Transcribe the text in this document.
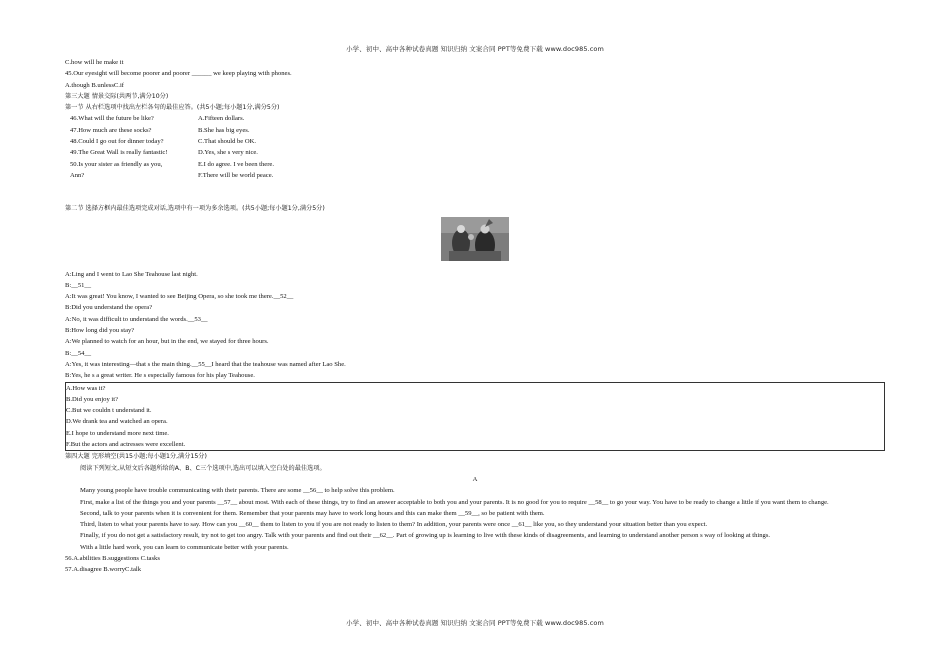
小学、初中、高中各种试卷真题 知识归纳 文案合同 PPT等免费下载 www.doc985.com
C.how will he make it
45.Our eyesight will become poorer and poorer ______ we keep playing with phones.
A.though B.unlessC.if
第三大题 情景交际(共两节,满分10分)
第一节 从右栏选项中找出左栏各句的最佳应答。(共5小题;每小题1分,满分5分)
46.What will the future be like?	A.Fifteen dollars.
47.How much are these socks?	B.She has big eyes.
48.Could I go out for dinner today?	C.That should be OK.
49.The Great Wall is really fantastic!	D.Yes, she s very nice.
50.Is your sister as friendly as you,	E.I do agree. I ve been there.
Ann?	F.There will be world peace.
第二节 选择方框内最佳选项完成对话,选项中有一项为多余选项。(共5小题;每小题1分,满分5分)
A:Ling and I went to Lao She Teahouse last night.
B:__51__
A:It was great! You know, I wanted to see Beijing Opera, so she took me there.__52__
B:Did you understand the opera?
A:No, it was difficult to understand the words.__53__
B:How long did you stay?
A:We planned to watch for an hour, but in the end, we stayed for three hours.
B:__54__
A:Yes, it was interesting—that s the main thing.__55__I heard that the teahouse was named after Lao She.
B:Yes, he s a great writer. He s especially famous for his play Teahouse.
A.How was it?
B.Did you enjoy it?
C.But we couldn t understand it.
D.We drank tea and watched an opera.
E.I hope to understand more next time.
F.But the actors and actresses were excellent.
第四大题 完形填空(共15小题;每小题1分,满分15分)
阅读下列短文,从短文后各题所给的A、B、C三个选项中,选出可以填入空白处的最佳选项。
A
Many young people have trouble communicating with their parents. There are some __56__ to help solve this problem.
First, make a list of the things you and your parents __57__ about most. With each of these things, try to find an answer acceptable to both you and your parents. It is no good for you to require __58__ to go your way. You have to be ready to change a little if you want them to change.
Second, talk to your parents when it is convenient for them. Remember that your parents may have to work long hours and this can make them __59__, so be patient with them.
Third, listen to what your parents have to say. How can you __60__ them to listen to you if you are not ready to listen to them? In addition, your parents were once __61__ like you, so they understand your situation better than you expect.
Finally, if you do not get a satisfactory result, try not to get too angry. Talk with your parents and find out their __62__. Part of growing up is learning to live with these kinds of disagreements, and learning to understand another person s way of looking at things.
With a little hard work, you can learn to communicate better with your parents.
56.A.abilities B.suggestions C.tasks
57.A.disagree B.worryC.talk
小学、初中、高中各种试卷真题 知识归纳 文案合同 PPT等免费下载 www.doc985.com
